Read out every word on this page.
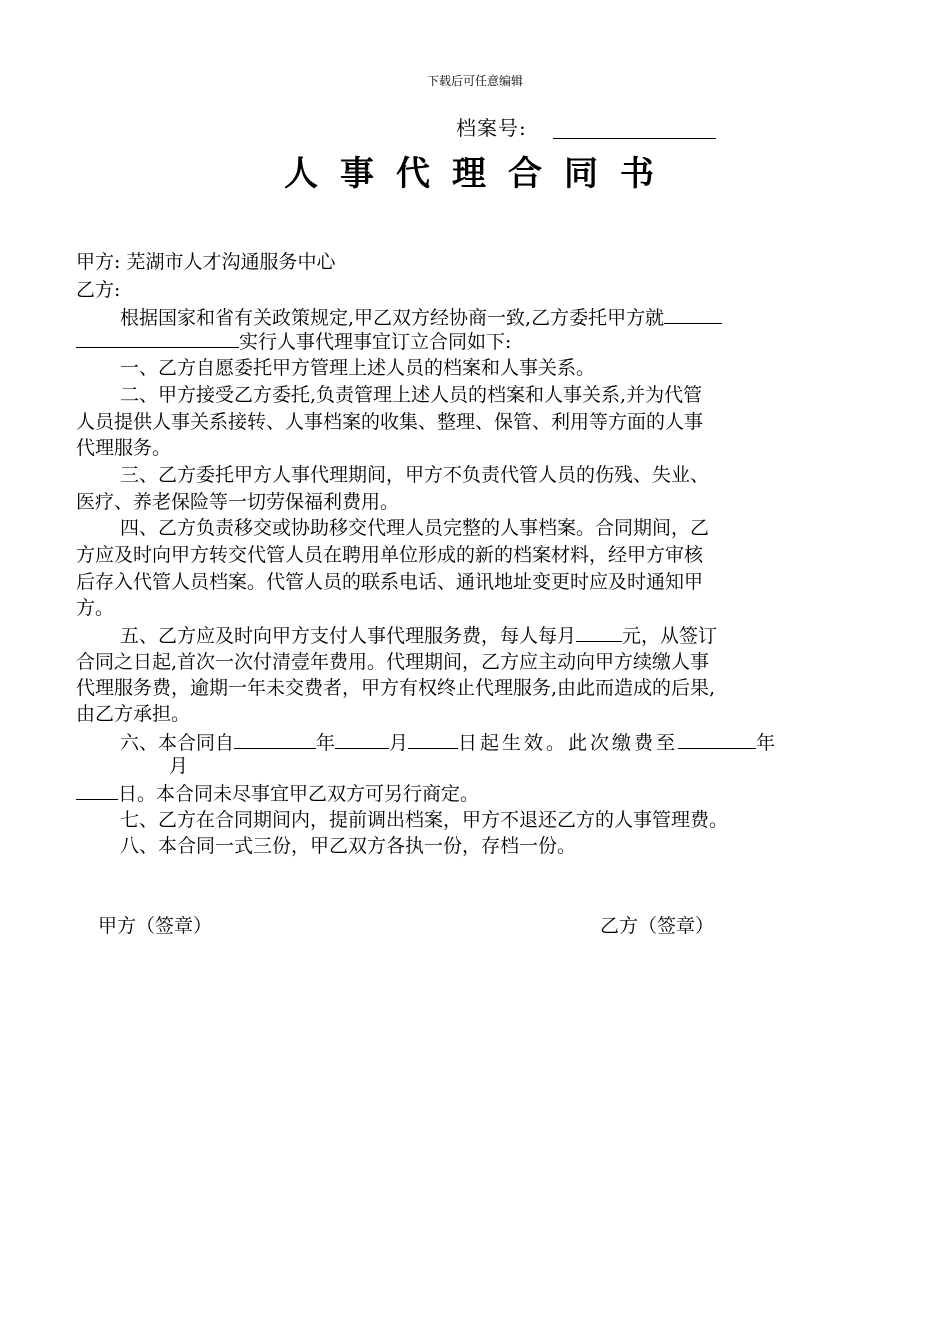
下载后可任意编辑
档案号:
人事代理合同书
甲方: 芜湖市人才沟通服务中心
乙方:
根据国家和省有关政策规定,甲乙双方经协商一致,乙方委托甲方就
实行人事代理事宜订立合同如下:
一、乙方自愿委托甲方管理上述人员的档案和人事关系。
二、甲方接受乙方委托,负责管理上述人员的档案和人事关系,并为代管
人员提供人事关系接转、人事档案的收集、整理、保管、利用等方面的人事
代理服务。
三、乙方委托甲方人事代理期间，甲方不负责代管人员的伤残、失业、
医疗、养老保险等一切劳保福利费用。
四、乙方负责移交或协助移交代理人员完整的人事档案。合同期间，乙
方应及时向甲方转交代管人员在聘用单位形成的新的档案材料，经甲方审核
后存入代管人员档案。代管人员的联系电话、通讯地址变更时应及时通知甲
方。
五、乙方应及时向甲方支付人事代理服务费，每人每月 元，从签订
合同之日起,首次一次付清壹年费用。代理期间，乙方应主动向甲方续缴人事
代理服务费，逾期一年未交费者，甲方有权终止代理服务,由此而造成的后果,
由乙方承担。
六、本合同自	年	月	日起生效。此次缴费至	年
月
日。本合同未尽事宜甲乙双方可另行商定。
七、乙方在合同期间内，提前调出档案，甲方不退还乙方的人事管理费。
八、本合同一式三份，甲乙双方各执一份，存档一份。
甲方（签章）	乙方（签章）
